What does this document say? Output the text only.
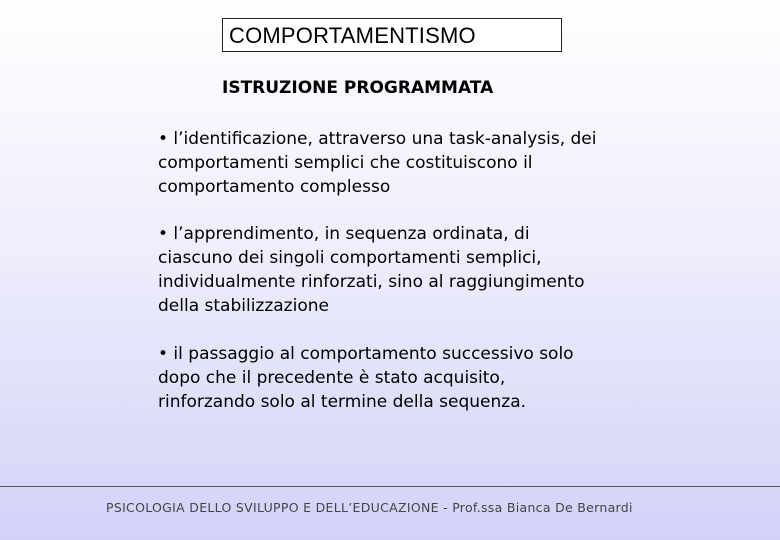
COMPORTAMENTISMO
ISTRUZIONE PROGRAMMATA
• l’identificazione, attraverso una task-analysis, dei
comportamenti semplici che costituiscono il
comportamento complesso
• l’apprendimento, in sequenza ordinata, di
ciascuno dei singoli comportamenti semplici,
individualmente rinforzati, sino al raggiungimento
della stabilizzazione
• il passaggio al comportamento successivo solo
dopo che il precedente è stato acquisito,
rinforzando solo al termine della sequenza.
PSICOLOGIA DELLO SVILUPPO E DELL’EDUCAZIONE - Prof.ssa Bianca De Bernardi
